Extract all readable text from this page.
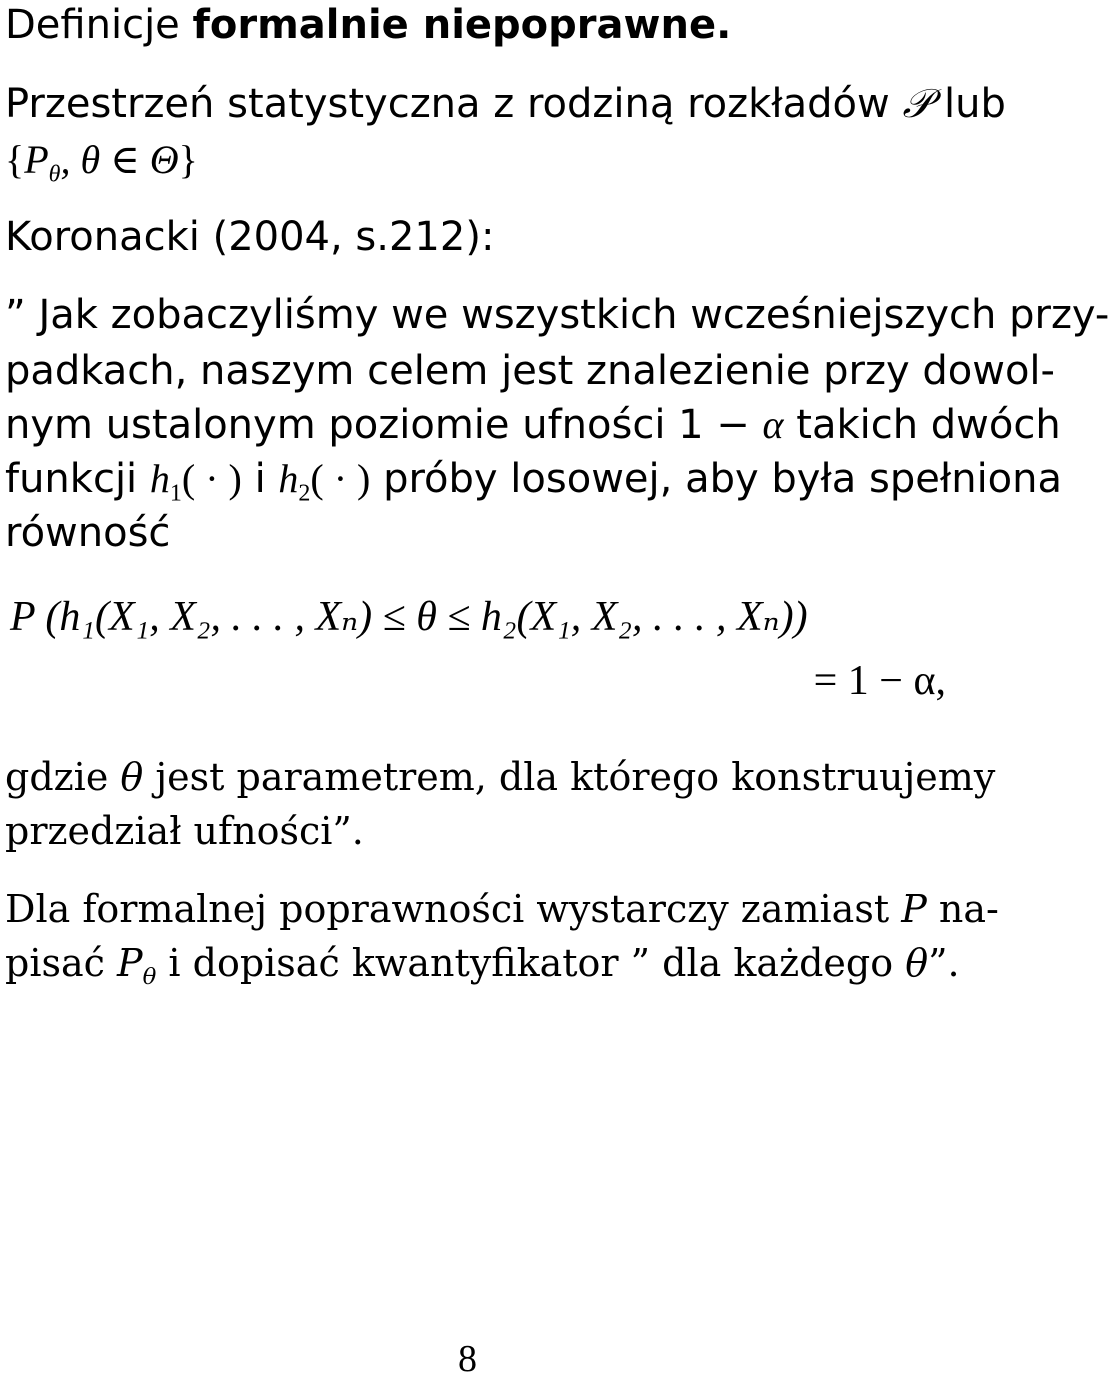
Definicje formalnie niepoprawne.
Przestrzeń statystyczna z rodziną rozkładów 𝒫 lub
{$P_\theta$, θ ∈ Θ}
Koronacki (2004, s.212):
” Jak zobaczyliśmy we wszystkich wcześniejszych przy-
padkach, naszym celem jest znalezienie przy dowol-
nym ustalonym poziomie ufności 1 − α takich dwóch
funkcji $h_1$( · ) i $h_2$( · ) próby losowej, aby była spełniona
równość
P (h₁(X₁, X₂, . . . , Xₙ) ≤ θ ≤ h₂(X₁, X₂, . . . , Xₙ))
= 1 − α,
gdzie θ jest parametrem, dla którego konstruujemy
przedział ufności”.
Dla formalnej poprawności wystarczy zamiast P na-
pisać $P_\theta$ i dopisać kwantyfikator ” dla każdego θ”.
8
